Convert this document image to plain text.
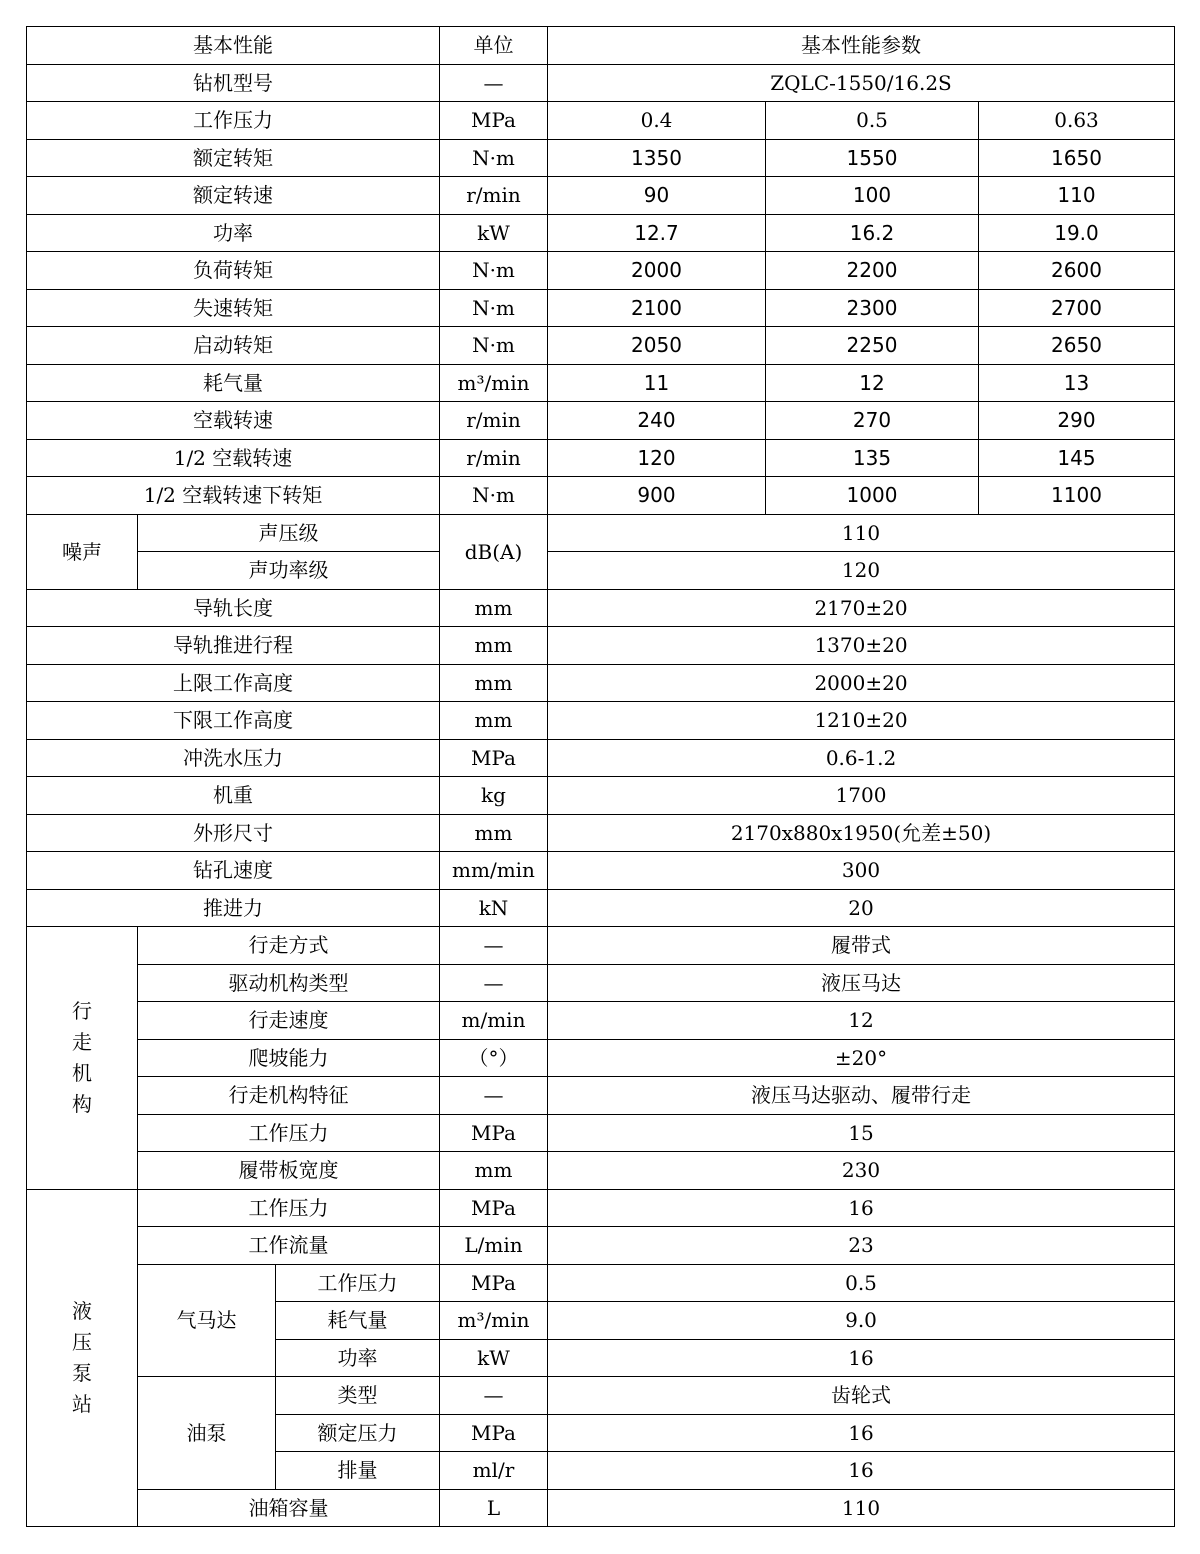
基本性能			单位	基本性能参数		
钻机型号			—	ZQLC-1550/16.2S		
工作压力			MPa	0.4	0.5	0.63
额定转矩			N·m	1350	1550	1650
额定转速			r/min	90	100	110
功率			kW	12.7	16.2	19.0
负荷转矩			N·m	2000	2200	2600
失速转矩			N·m	2100	2300	2700
启动转矩			N·m	2050	2250	2650
耗气量			m³/min	11	12	13
空载转速			r/min	240	270	290
1/2 空载转速			r/min	120	135	145
1/2 空载转速下转矩			N·m	900	1000	1100
噪声	声压级		dB(A)	110		
	声功率级			120		
导轨长度			mm	2170±20		
导轨推进行程			mm	1370±20		
上限工作高度			mm	2000±20		
下限工作高度			mm	1210±20		
冲洗水压力			MPa	0.6-1.2		
机重			kg	1700		
外形尺寸			mm	2170x880x1950(允差±50)		
钻孔速度			mm/min	300		
推进力			kN	20		
行走机构	行走方式		—	履带式		
	驱动机构类型		—	液压马达		
	行走速度		m/min	12		
	爬坡能力		（°）	±20°		
	行走机构特征		—	液压马达驱动、履带行走		
	工作压力		MPa	15		
	履带板宽度		mm	230		
液压泵站	工作压力		MPa	16		
	工作流量		L/min	23		
	气马达	工作压力	MPa	0.5		
		耗气量	m³/min	9.0		
		功率	kW	16		
	油泵	类型	—	齿轮式		
		额定压力	MPa	16		
		排量	ml/r	16		
	油箱容量		L	110		
